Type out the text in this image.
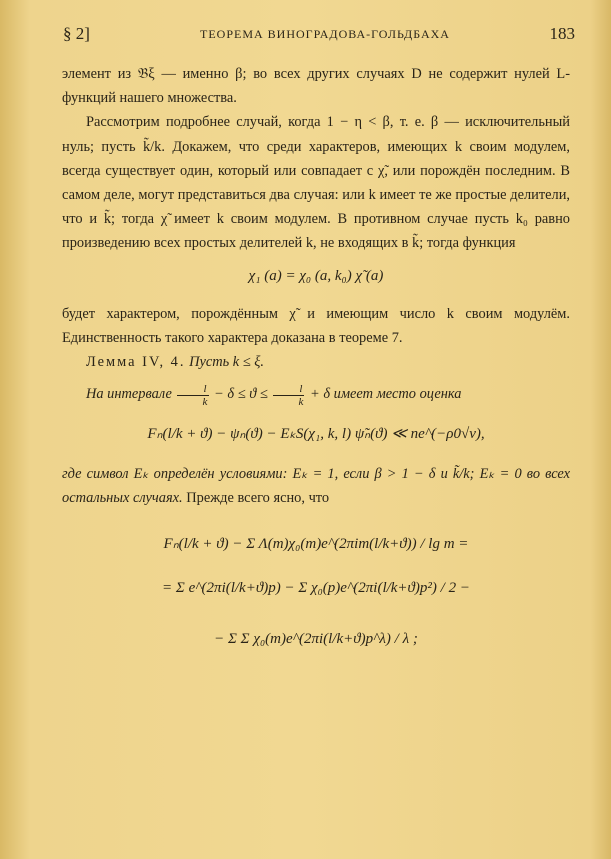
§ 2]	ТЕОРЕМА ВИНОГРАДОВА-ГОЛЬДБАХА	183

элемент из 𝔅ξ — именно β; во всех других случаях D не содержит нулей L-функций нашего множества.

Рассмотрим подробнее случай, когда 1 − η < β, т. е. β — исключительный нуль; пусть k̃/k. Докажем, что среди характеров, имеющих k своим модулем, всегда существует один, который или совпадает с χ̃, или порождён последним. В самом деле, могут представиться два случая: или k имеет те же простые делители, что и k̃; тогда χ̃ имеет k своим модулем. В противном случае пусть k₀ равно произведению всех простых делителей k, не входящих в k̃; тогда функция

χ₁ (a) = χ₀ (a, k₀) χ̃ (a)

будет характером, порождённым χ̃ и имеющим число k своим модулём. Единственность такого характера доказана в теореме 7.

Лемма IV, 4. Пусть k ≤ ξ.

На интервале $\frac{l}{k} - \delta \le ϑ \le \frac{l}{k} + \delta$ имеет место оценка

Fₙ(l/k + ϑ) − ψₙ(ϑ) − EₖS(χ₁, k, l) ψ̃ₙ(ϑ) ≪ ne^(−ρ0√ν),

где символ Eₖ определён условиями: Eₖ = 1, если β > 1 − δ и k̃/k; Eₖ = 0 во всех остальных случаях. Прежде всего ясно, что

Fₙ(l/k + ϑ) − Σ Λ(m)χ₀(m)e^(2πim(l/k+ϑ)) / lg m =
= Σ e^(2πi(l/k+ϑ)p) − Σ χ₀(p)e^(2πi(l/k+ϑ)p²) / 2 −
− Σ Σ χ₀(m)e^(2πi(l/k+ϑ)p^λ) / λ ;
